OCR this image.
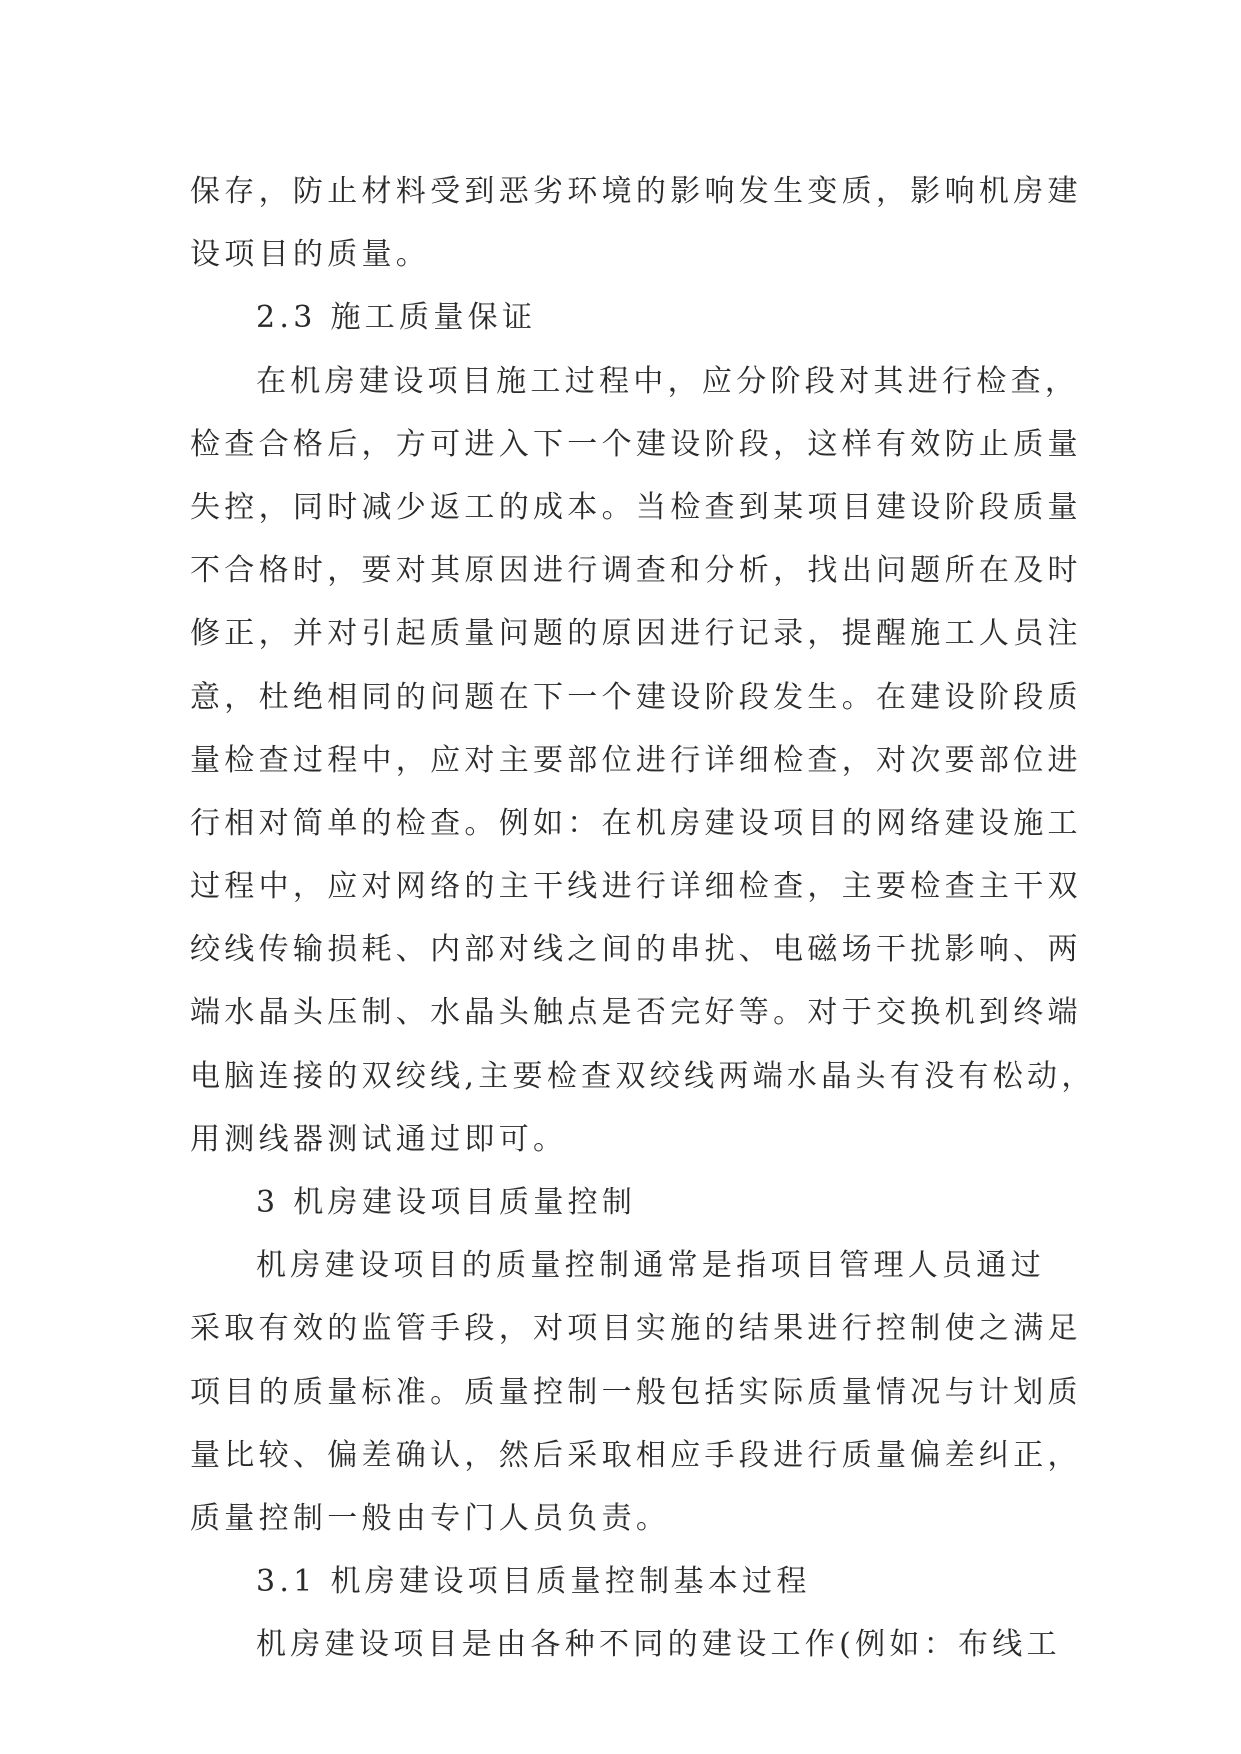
保存，防止材料受到恶劣环境的影响发生变质，影响机房建
设项目的质量。
2.3 施工质量保证
在机房建设项目施工过程中，应分阶段对其进行检查，
检查合格后，方可进入下一个建设阶段，这样有效防止质量
失控，同时减少返工的成本。当检查到某项目建设阶段质量
不合格时，要对其原因进行调查和分析，找出问题所在及时
修正，并对引起质量问题的原因进行记录，提醒施工人员注
意，杜绝相同的问题在下一个建设阶段发生。在建设阶段质
量检查过程中，应对主要部位进行详细检查，对次要部位进
行相对简单的检查。例如：在机房建设项目的网络建设施工
过程中，应对网络的主干线进行详细检查，主要检查主干双
绞线传输损耗、内部对线之间的串扰、电磁场干扰影响、两
端水晶头压制、水晶头触点是否完好等。对于交换机到终端
电脑连接的双绞线,主要检查双绞线两端水晶头有没有松动，
用测线器测试通过即可。
3 机房建设项目质量控制
机房建设项目的质量控制通常是指项目管理人员通过
采取有效的监管手段，对项目实施的结果进行控制使之满足
项目的质量标准。质量控制一般包括实际质量情况与计划质
量比较、偏差确认，然后采取相应手段进行质量偏差纠正，
质量控制一般由专门人员负责。
3.1 机房建设项目质量控制基本过程
机房建设项目是由各种不同的建设工作(例如：布线工
